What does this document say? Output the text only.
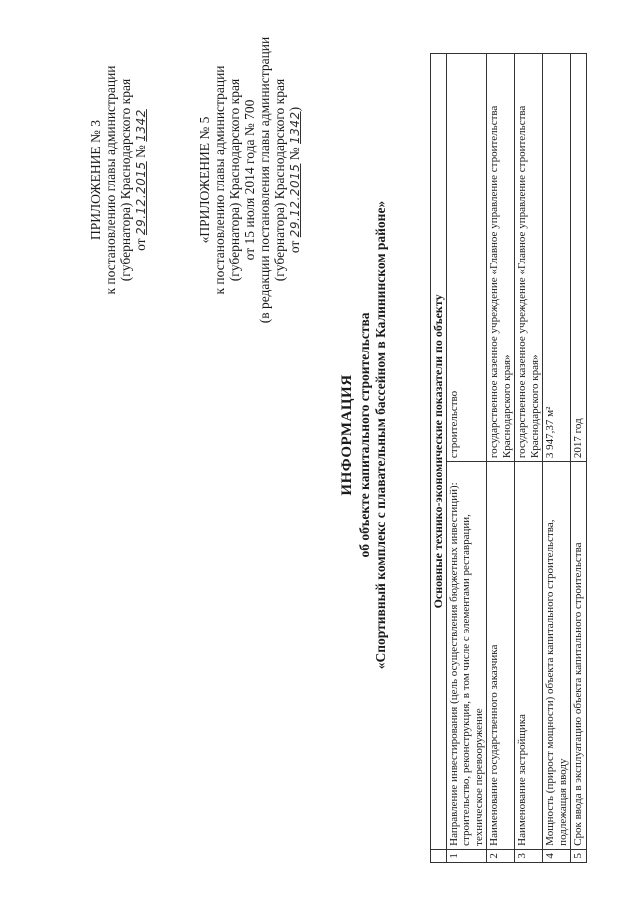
ПРИЛОЖЕНИЕ № 3 к постановлению главы администрации (губернатора) Краснодарского края от 29.12.2015 № 1342	«ПРИЛОЖЕНИЕ № 5 к постановлению главы администрации (губернатора) Краснодарского края от 15 июля 2014 года № 700 (в редакции постановления главы администрации (губернатора) Краснодарского края от 29.12.2015 № 1342)
ИНФОРМАЦИЯ об объекте капитального строительства «Спортивный комплекс с плавательным бассейном в Калининском районе»
		Основные технико-экономические показатели по объекту	
1	Направление инвестирования (цель осуществления бюджетных инвестиций): строительство, реконструкция, в том числе с элементами реставрации, техническое перевооружение	строительство
2	Наименование государственного заказчика	государственное казенное учреждение «Главное управление строительства Краснодарского края»
3	Наименование застройщика	государственное казенное учреждение «Главное управление строительства Краснодарского края»
4	Мощность (прирост мощности) объекта капитального строительства, подлежащая вводу	3 947,37 м²
5	Срок ввода в эксплуатацию объекта капитального строительства	2017 год
